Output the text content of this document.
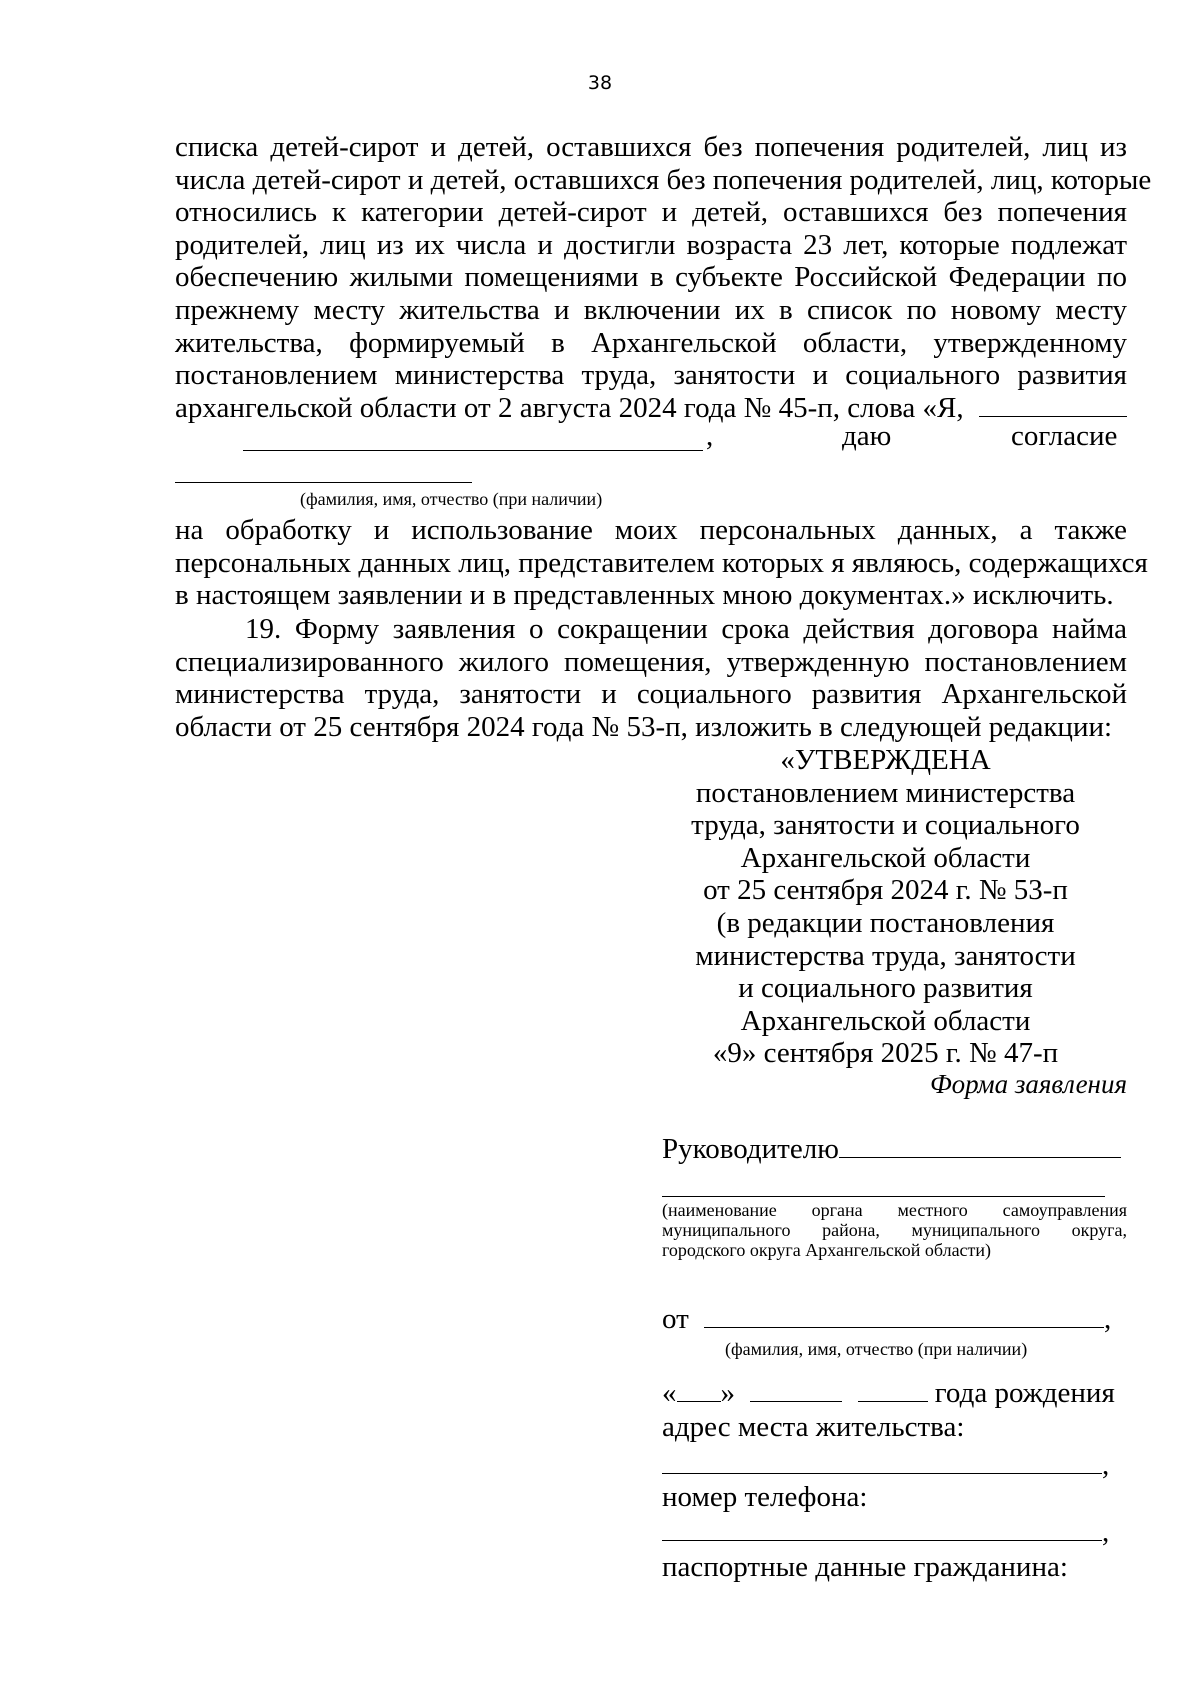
38
списка детей-сирот и детей, оставшихся без попечения родителей, лиц из
числа детей-сирот и детей, оставшихся без попечения родителей, лиц, которые
относились к категории детей-сирот и детей, оставшихся без попечения
родителей, лиц из их числа и достигли возраста 23 лет, которые подлежат
обеспечению жилыми помещениями в субъекте Российской Федерации по
прежнему месту жительства и включении их в список по новому месту
жительства, формируемый в Архангельской области, утвержденному
постановлением министерства труда, занятости и социального развития
архангельской области от 2 августа 2024 года № 45-п, слова «Я,
,	даю	согласие
(фамилия, имя, отчество (при наличии)
на обработку и использование моих персональных данных, а также
персональных данных лиц, представителем которых я являюсь, содержащихся
в настоящем заявлении и в представленных мною документах.» исключить.
19. Форму заявления о сокращении срока действия договора найма
специализированного жилого помещения, утвержденную постановлением
министерства труда, занятости и социального развития Архангельской
области от 25 сентября 2024 года № 53-п, изложить в следующей редакции:
«УТВЕРЖДЕНА
постановлением министерства
труда, занятости и социального
Архангельской области
от 25 сентября 2024 г. № 53-п
(в редакции постановления
министерства труда, занятости
и социального развития
Архангельской области
«9» сентября 2025 г. № 47-п
Форма заявления
Руководителю
(наименование органа местного самоуправления муниципального района, муниципального округа, городского округа Архангельской области)
от	,
(фамилия, имя, отчество (при наличии)
« »	года рождения
адрес места жительства:
,
номер телефона:
,
паспортные данные гражданина:
